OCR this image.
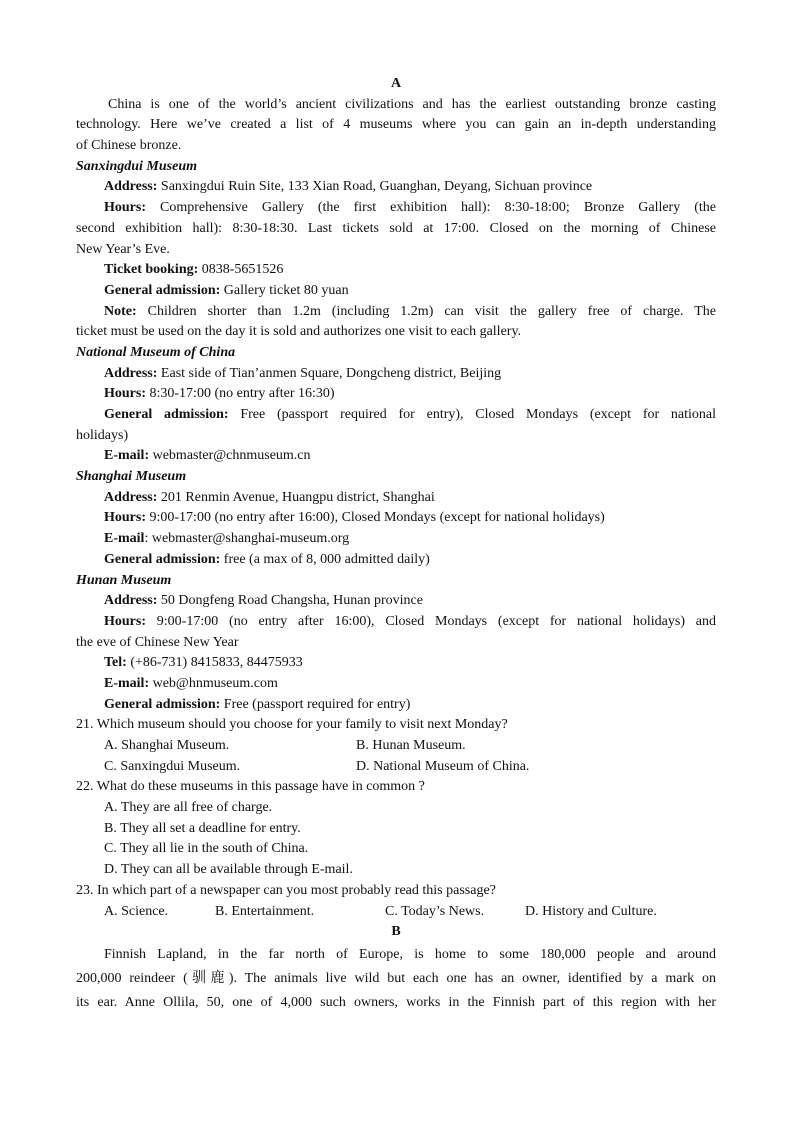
A
China is one of the world’s ancient civilizations and has the earliest outstanding bronze casting
technology. Here we’ve created a list of 4 museums where you can gain an in-depth understanding
of Chinese bronze.
Sanxingdui Museum
Address: Sanxingdui Ruin Site, 133 Xian Road, Guanghan, Deyang, Sichuan province
Hours: Comprehensive Gallery (the first exhibition hall): 8:30-18:00; Bronze Gallery (the
second exhibition hall): 8:30-18:30. Last tickets sold at 17:00. Closed on the morning of Chinese
New Year’s Eve.
Ticket booking: 0838-5651526
General admission: Gallery ticket 80 yuan
Note: Children shorter than 1.2m (including 1.2m) can visit the gallery free of charge. The
ticket must be used on the day it is sold and authorizes one visit to each gallery.
National Museum of China
Address: East side of Tian’anmen Square, Dongcheng district, Beijing
Hours: 8:30-17:00 (no entry after 16:30)
General admission: Free (passport required for entry), Closed Mondays (except for national
holidays)
E-mail: webmaster@chnmuseum.cn
Shanghai Museum
Address: 201 Renmin Avenue, Huangpu district, Shanghai
Hours: 9:00-17:00 (no entry after 16:00), Closed Mondays (except for national holidays)
E-mail: webmaster@shanghai-museum.org
General admission: free (a max of 8, 000 admitted daily)
Hunan Museum
Address: 50 Dongfeng Road Changsha, Hunan province
Hours: 9:00-17:00 (no entry after 16:00), Closed Mondays (except for national holidays) and
the eve of Chinese New Year
Tel: (+86-731) 8415833, 84475933
E-mail: web@hnmuseum.com
General admission: Free (passport required for entry)
21. Which museum should you choose for your family to visit next Monday?
A. Shanghai Museum.	B. Hunan Museum.
C. Sanxingdui Museum.	D. National Museum of China.
22. What do these museums in this passage have in common ?
A. They are all free of charge.
B. They all set a deadline for entry.
C. They all lie in the south of China.
D. They can all be available through E-mail.
23. In which part of a newspaper can you most probably read this passage?
A. Science.	B. Entertainment.	C. Today’s News.	D. History and Culture.
B
Finnish Lapland, in the far north of Europe, is home to some 180,000 people and around
200,000 reindeer (驯鹿). The animals live wild but each one has an owner, identified by a mark on
its ear. Anne Ollila, 50, one of 4,000 such owners, works in the Finnish part of this region with her
